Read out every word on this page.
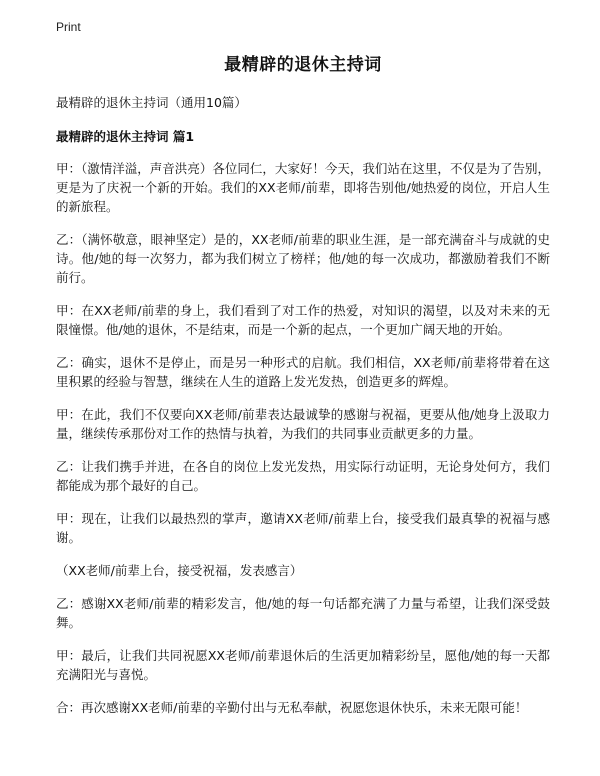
Print
最精辟的退休主持词
最精辟的退休主持词（通用10篇）
最精辟的退休主持词 篇1

甲：（激情洋溢，声音洪亮）各位同仁，大家好！今天，我们站在这里，不仅是为了告别，更是为了庆祝一个新的开始。我们的XX老师/前辈，即将告别他/她热爱的岗位，开启人生的新旅程。

乙：（满怀敬意，眼神坚定）是的，XX老师/前辈的职业生涯，是一部充满奋斗与成就的史诗。他/她的每一次努力，都为我们树立了榜样；他/她的每一次成功，都激励着我们不断前行。

甲：在XX老师/前辈的身上，我们看到了对工作的热爱，对知识的渴望，以及对未来的无限憧憬。他/她的退休，不是结束，而是一个新的起点，一个更加广阔天地的开始。

乙：确实，退休不是停止，而是另一种形式的启航。我们相信，XX老师/前辈将带着在这里积累的经验与智慧，继续在人生的道路上发光发热，创造更多的辉煌。

甲：在此，我们不仅要向XX老师/前辈表达最诚挚的感谢与祝福，更要从他/她身上汲取力量，继续传承那份对工作的热情与执着，为我们的共同事业贡献更多的力量。

乙：让我们携手并进，在各自的岗位上发光发热，用实际行动证明，无论身处何方，我们都能成为那个最好的自己。

甲：现在，让我们以最热烈的掌声，邀请XX老师/前辈上台，接受我们最真挚的祝福与感谢。

（XX老师/前辈上台，接受祝福，发表感言）

乙：感谢XX老师/前辈的精彩发言，他/她的每一句话都充满了力量与希望，让我们深受鼓舞。

甲：最后，让我们共同祝愿XX老师/前辈退休后的生活更加精彩纷呈，愿他/她的每一天都充满阳光与喜悦。

合：再次感谢XX老师/前辈的辛勤付出与无私奉献，祝愿您退休快乐，未来无限可能！
